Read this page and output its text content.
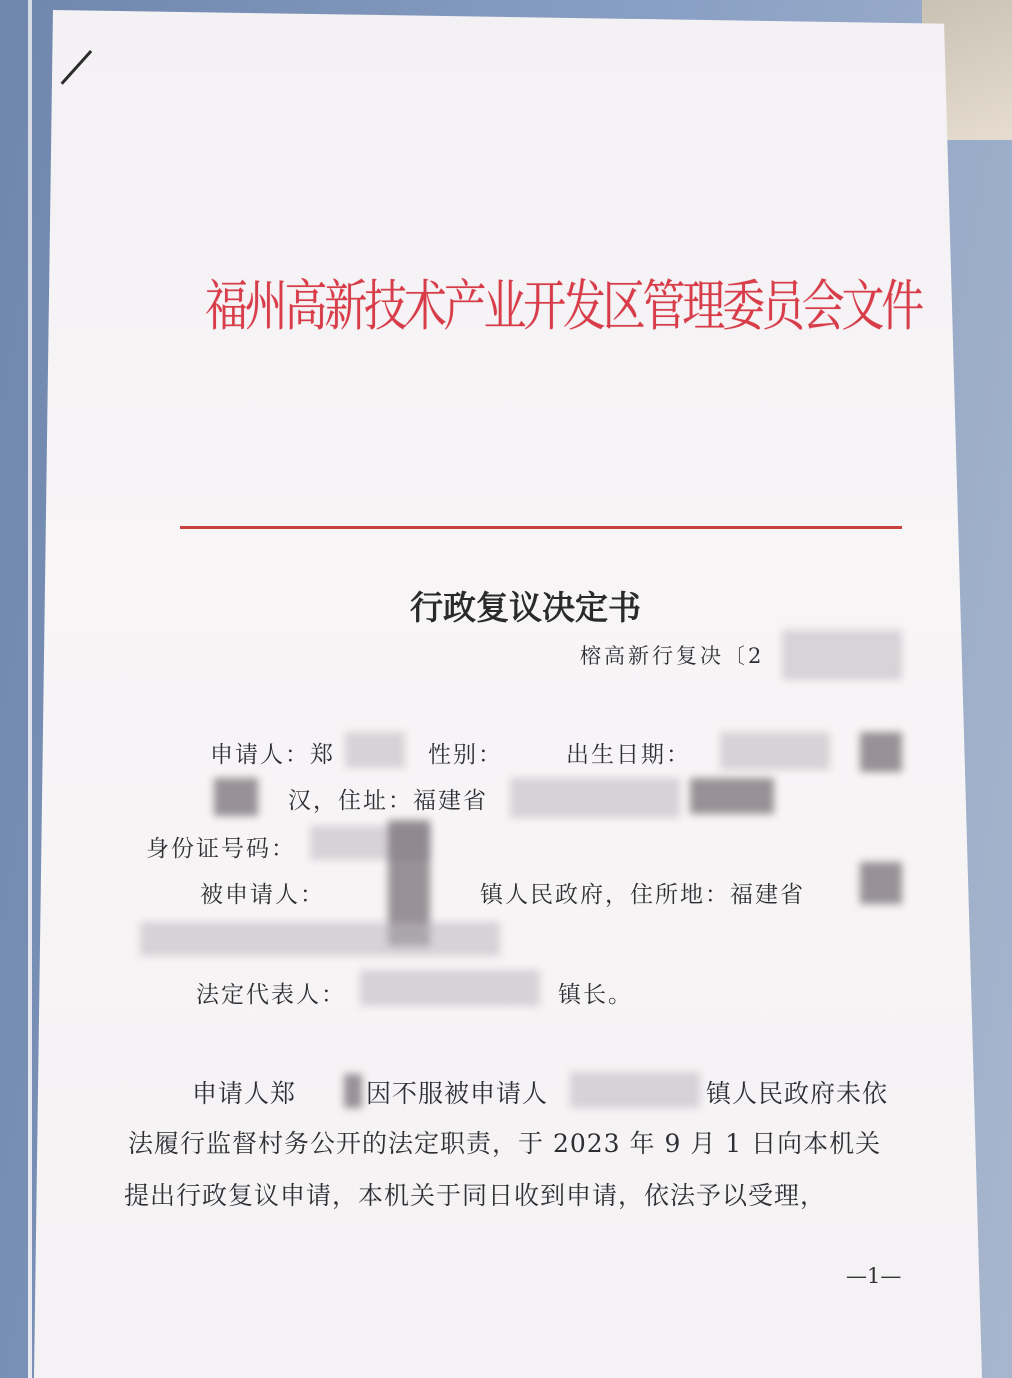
福州高新技术产业开发区管理委员会文件
行政复议决定书
榕高新行复决〔2
申请人：郑	性别：	出生日期：
汉，住址：福建省
身份证号码：
被申请人：	镇人民政府，住所地：福建省
法定代表人：	镇长。
申请人郑	因不服被申请人	镇人民政府未依
法履行监督村务公开的法定职责，于 2023 年 9 月 1 日向本机关
提出行政复议申请，本机关于同日收到申请，依法予以受理，
—1—
